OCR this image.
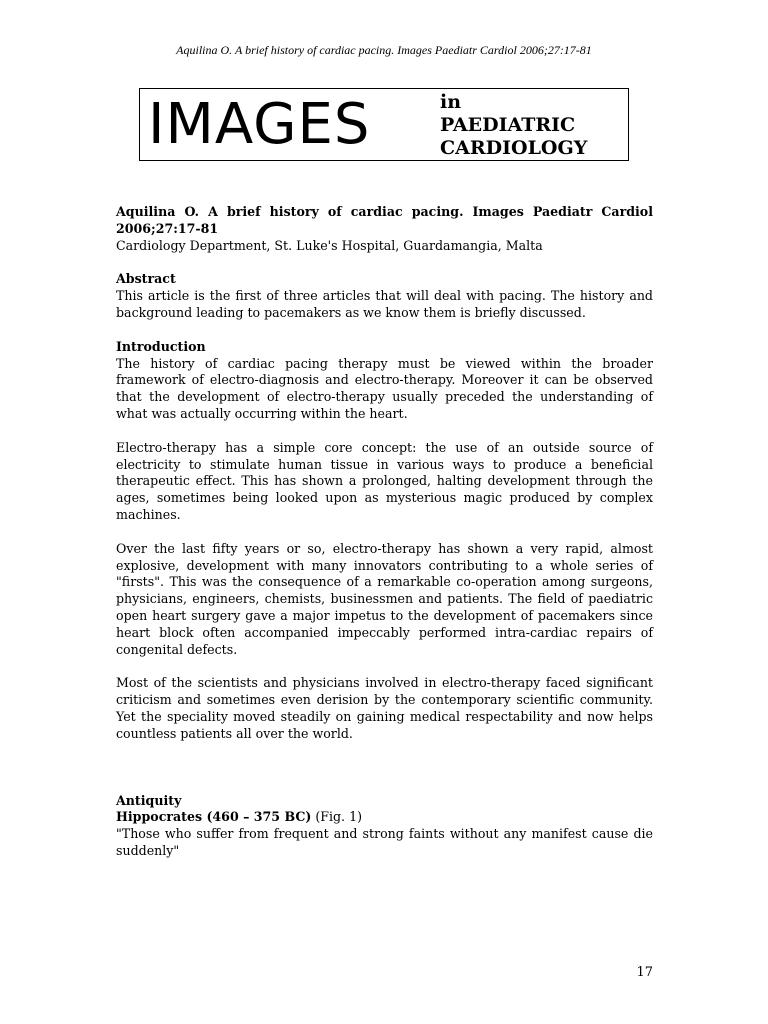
Aquilina O. A brief history of cardiac pacing. Images Paediatr Cardiol 2006;27:17-81
IMAGES	in
PAEDIATRIC
CARDIOLOGY

Aquilina O. A brief history of cardiac pacing. Images Paediatr Cardiol 2006;27:17-81

Cardiology Department, St. Luke's Hospital, Guardamangia, Malta

Abstract

This article is the first of three articles that will deal with pacing. The history and background leading to pacemakers as we know them is briefly discussed.

Introduction

The history of cardiac pacing therapy must be viewed within the broader framework of electro-diagnosis and electro-therapy. Moreover it can be observed that the development of electro-therapy usually preceded the understanding of what was actually occurring within the heart.

Electro-therapy has a simple core concept: the use of an outside source of electricity to stimulate human tissue in various ways to produce a beneficial therapeutic effect. This has shown a prolonged, halting development through the ages, sometimes being looked upon as mysterious magic produced by complex machines.

Over the last fifty years or so, electro-therapy has shown a very rapid, almost explosive, development with many innovators contributing to a whole series of "firsts". This was the consequence of a remarkable co-operation among surgeons, physicians, engineers, chemists, businessmen and patients. The field of paediatric open heart surgery gave a major impetus to the development of pacemakers since heart block often accompanied impeccably performed intra-cardiac repairs of congenital defects.

Most of the scientists and physicians involved in electro-therapy faced significant criticism and sometimes even derision by the contemporary scientific community. Yet the speciality moved steadily on gaining medical respectability and now helps countless patients all over the world.

Antiquity

Hippocrates (460 – 375 BC) (Fig. 1)

"Those who suffer from frequent and strong faints without any manifest cause die suddenly"

17
